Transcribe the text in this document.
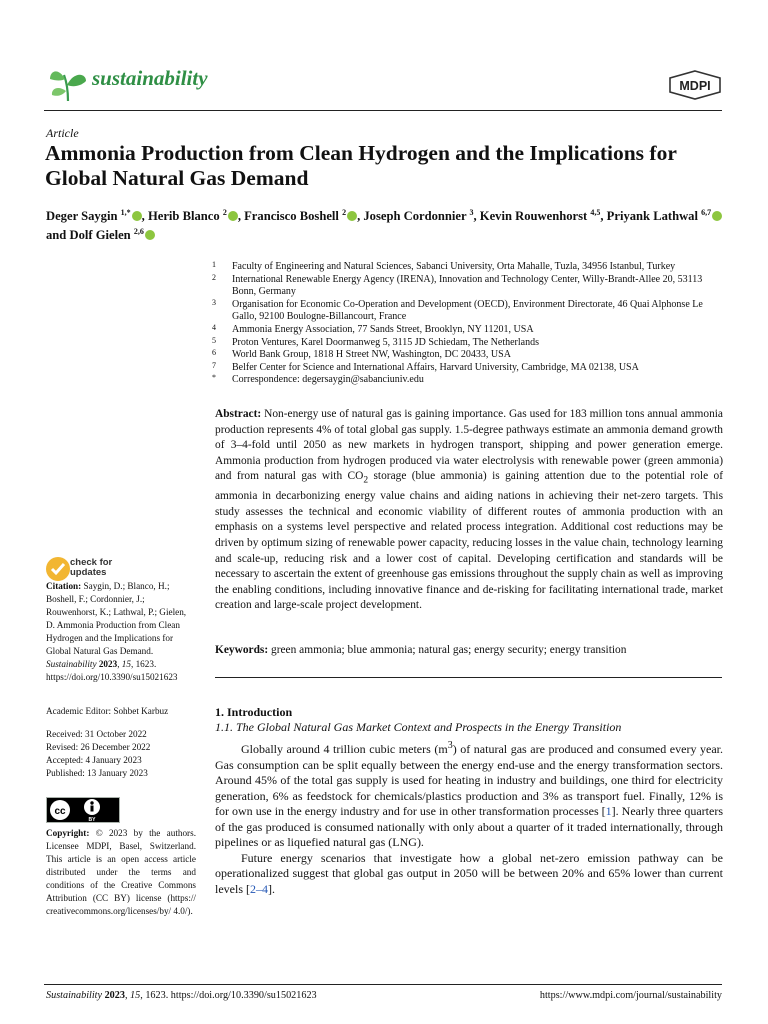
sustainability	MDPI
Article
Ammonia Production from Clean Hydrogen and the Implications for Global Natural Gas Demand
Deger Saygin $^{1,*}$ , Herib Blanco $^2$ , Francisco Boshell $^2$ , Joseph Cordonnier $^3$, Kevin Rouwenhorst $^{4,5}$, Priyank Lathwal $^{6,7}$ and Dolf Gielen $^{2,6}$
1 Faculty of Engineering and Natural Sciences, Sabanci University, Orta Mahalle, Tuzla, 34956 Istanbul, Turkey
2 International Renewable Energy Agency (IRENA), Innovation and Technology Center, Willy-Brandt-Allee 20, 53113 Bonn, Germany
3 Organisation for Economic Co-Operation and Development (OECD), Environment Directorate, 46 Quai Alphonse Le Gallo, 92100 Boulogne-Billancourt, France
4 Ammonia Energy Association, 77 Sands Street, Brooklyn, NY 11201, USA
5 Proton Ventures, Karel Doormanweg 5, 3115 JD Schiedam, The Netherlands
6 World Bank Group, 1818 H Street NW, Washington, DC 20433, USA
7 Belfer Center for Science and International Affairs, Harvard University, Cambridge, MA 02138, USA
* Correspondence: degersaygin@sabanciuniv.edu
Abstract: Non-energy use of natural gas is gaining importance. Gas used for 183 million tons annual ammonia production represents 4% of total global gas supply. 1.5-degree pathways estimate an ammonia demand growth of 3–4-fold until 2050 as new markets in hydrogen transport, shipping and power generation emerge. Ammonia production from hydrogen produced via water electrolysis with renewable power (green ammonia) and from natural gas with $CO_2$ storage (blue ammonia) is gaining attention due to the potential role of ammonia in decarbonizing energy value chains and aiding nations in achieving their net-zero targets. This study assesses the technical and economic viability of different routes of ammonia production with an emphasis on a systems level perspective and related process integration. Additional cost reductions may be driven by optimum sizing of renewable power capacity, reducing losses in the value chain, technology learning and scale-up, reducing risk and a lower cost of capital. Developing certification and standards will be necessary to ascertain the extent of greenhouse gas emissions throughout the supply chain as well as improving the enabling conditions, including innovative finance and de-risking for facilitating international trade, market creation and large-scale project development.
Keywords: green ammonia; blue ammonia; natural gas; energy security; energy transition
1. Introduction
1.1. The Global Natural Gas Market Context and Prospects in the Energy Transition

Globally around 4 trillion cubic meters $(m^3)$ of natural gas are produced and consumed every year. Gas consumption can be split equally between the energy end-use and the energy transformation sectors. Around 45% of the total gas supply is used for heating in industry and buildings, one third for electricity generation, 6% as feedstock for chemicals/plastics production and 3% as transport fuel. Finally, 12% is for own use in the energy industry and for use in other transformation processes [1]. Nearly three quarters of the gas produced is consumed nationally with only about a quarter of it traded internationally, through pipelines or as liquefied natural gas (LNG).

Future energy scenarios that investigate how a global net-zero emission pathway can be operationalized suggest that global gas output in 2050 will be between 20% and 65% lower than current levels [2–4].

check for
updates
Citation: Saygin, D.; Blanco, H.; Boshell, F.; Cordonnier, J.; Rouwenhorst, K.; Lathwal, P.; Gielen, D. Ammonia Production from Clean Hydrogen and the Implications for Global Natural Gas Demand. Sustainability 2023, 15, 1623. https://doi.org/10.3390/su15021623
Academic Editor: Sohbet Karbuz
Received: 31 October 2022
Revised: 26 December 2022
Accepted: 4 January 2023
Published: 13 January 2023
cc
BY
Copyright: © 2023 by the authors. Licensee MDPI, Basel, Switzerland. This article is an open access article distributed under the terms and conditions of the Creative Commons Attribution (CC BY) license (https:// creativecommons.org/licenses/by/ 4.0/).
Sustainability 2023, 15, 1623. https://doi.org/10.3390/su15021623	https://www.mdpi.com/journal/sustainability
